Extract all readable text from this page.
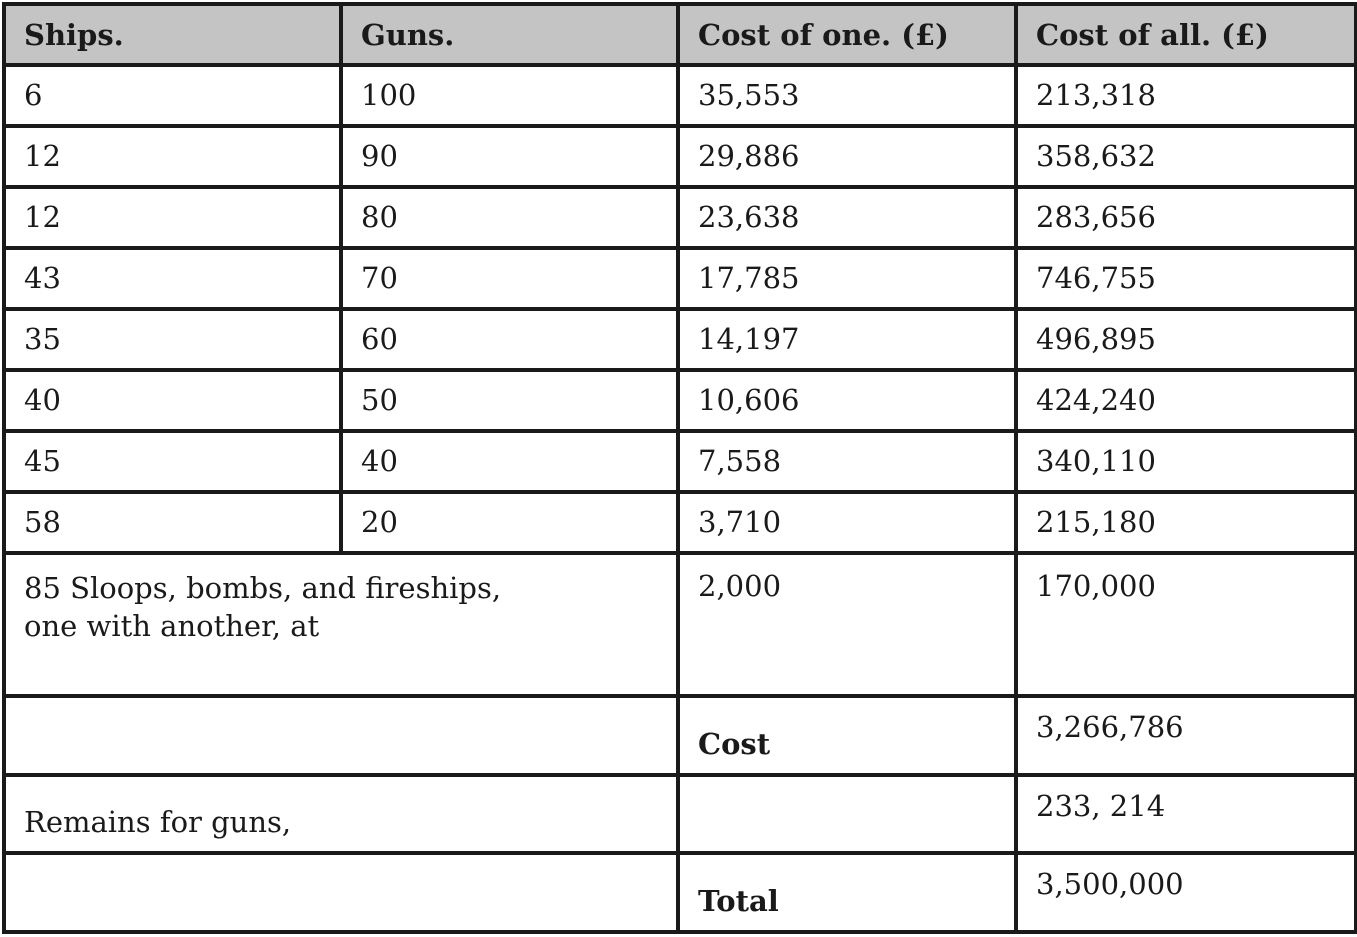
Ships.	Guns.	Cost of one. (£)	Cost of all. (£)
6	100	35,553	213,318
12	90	29,886	358,632
12	80	23,638	283,656
43	70	17,785	746,755
35	60	14,197	496,895
40	50	10,606	424,240
45	40	7,558	340,110
58	20	3,710	215,180
85 Sloops, bombs, and fireships, one with another, at		2,000	170,000
		Cost	3,266,786
Remains for guns,			233, 214
		Total	3,500,000
